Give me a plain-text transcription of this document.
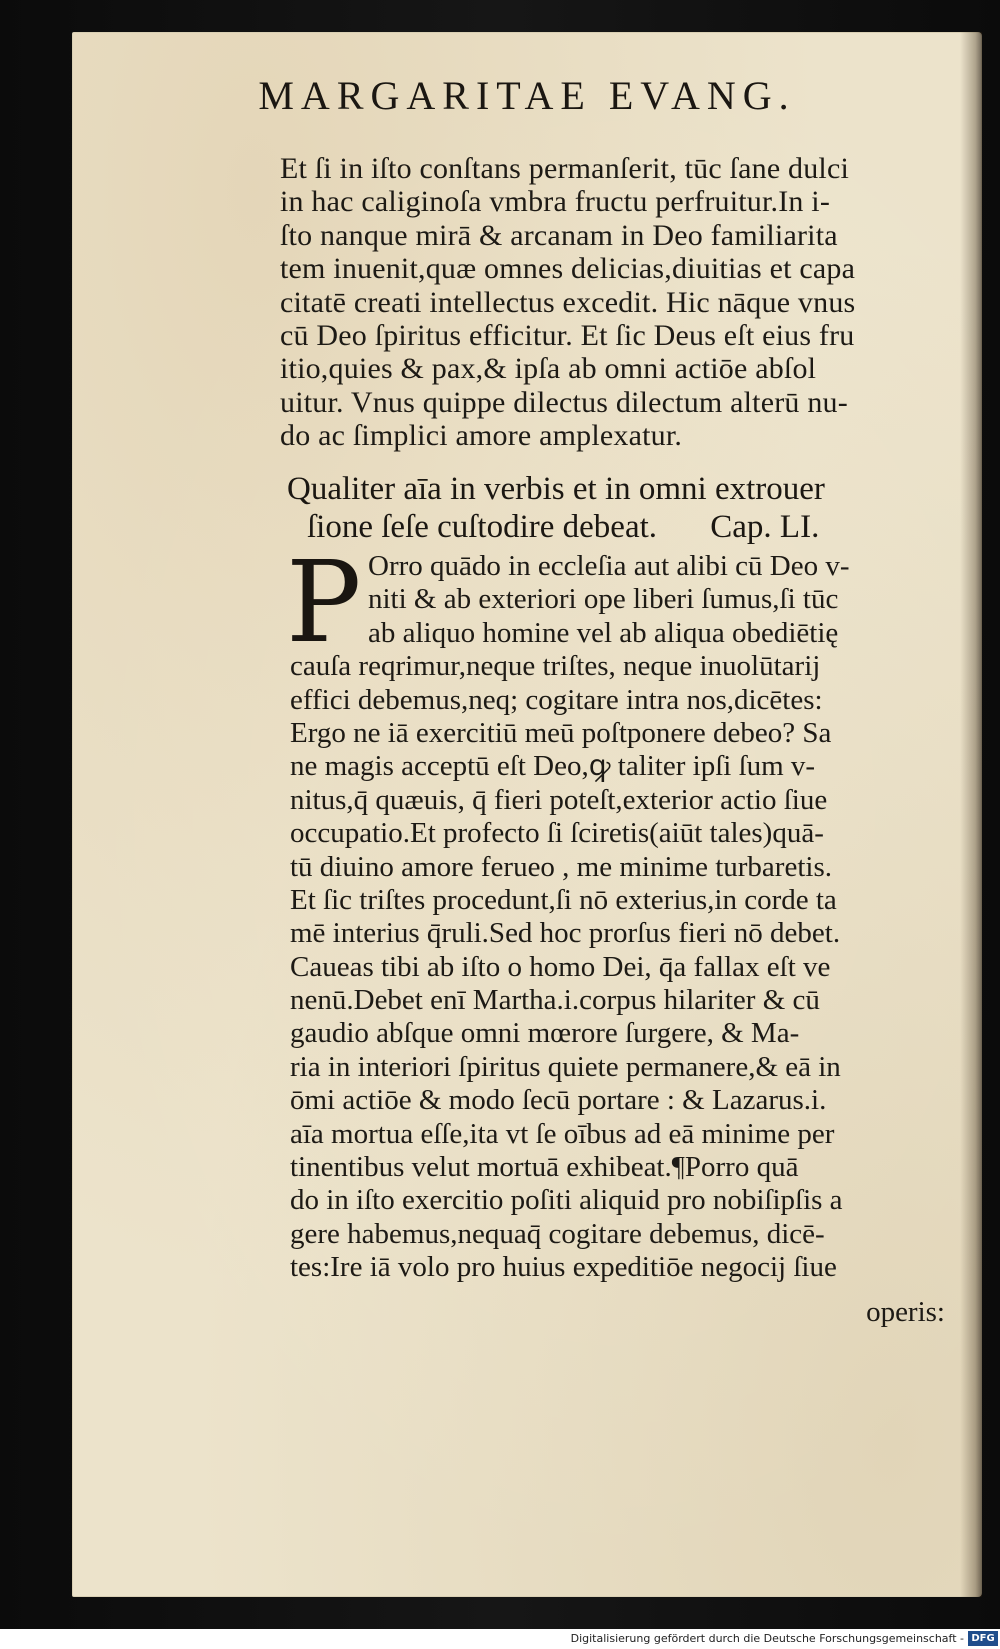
MARGARITAE EVANG.
Et ſi in iſto conſtans permanſerit, tūc ſane dulci
in hac caliginoſa vmbra fructu perfruitur.In i-
ſto nanque mirā & arcanam in Deo familiarita
tem inuenit,quæ omnes delicias,diuitias et capa
citatē creati intellectus excedit. Hic nāque vnus
cū Deo ſpiritus efficitur. Et ſic Deus eſt eius fru
itio,quies & pax,& ipſa ab omni actiōe abſol
uitur. Vnus quippe dilectus dilectum alterū nu-
do ac ſimplici amore amplexatur.
Qualiter aīa in verbis et in omni extrouer
ſione ſeſe cuſtodire debeat. Cap. LI.
P Orro quādo in eccleſia aut alibi cū Deo v-
niti & ab exteriori ope liberi ſumus,ſi tūc
ab aliquo homine vel ab aliqua obediētię
cauſa reqrimur,neque triſtes, neque inuolūtarij
effici debemus,neq; cogitare intra nos,dicētes:
Ergo ne iā exercitiū meū poſtponere debeo? Sa
ne magis acceptū eſt Deo,ꝙ taliter ipſi ſum v-
nitus,q̄ quæuis, q̄ fieri poteſt,exterior actio ſiue
occupatio.Et profecto ſi ſciretis(aiūt tales)quā-
tū diuino amore ferueo , me minime turbaretis.
Et ſic triſtes procedunt,ſi nō exterius,in corde ta
mē interius q̄ruli.Sed hoc prorſus fieri nō debet.
Caueas tibi ab iſto o homo Dei, q̄a fallax eſt ve
nenū.Debet enī Martha.i.corpus hilariter & cū
gaudio abſque omni mœrore ſurgere, & Ma-
ria in interiori ſpiritus quiete permanere,& eā in
ōmi actiōe & modo ſecū portare : & Lazarus.i.
aīa mortua eſſe,ita vt ſe oībus ad eā minime per
tinentibus velut mortuā exhibeat.¶Porro quā
do in iſto exercitio poſiti aliquid pro nobiſipſis a
gere habemus,nequaq̄ cogitare debemus, dicē-
tes:Ire iā volo pro huius expeditiōe negocij ſiue
operis:
Digitalisierung gefördert durch die Deutsche Forschungsgemeinschaft - DFG
